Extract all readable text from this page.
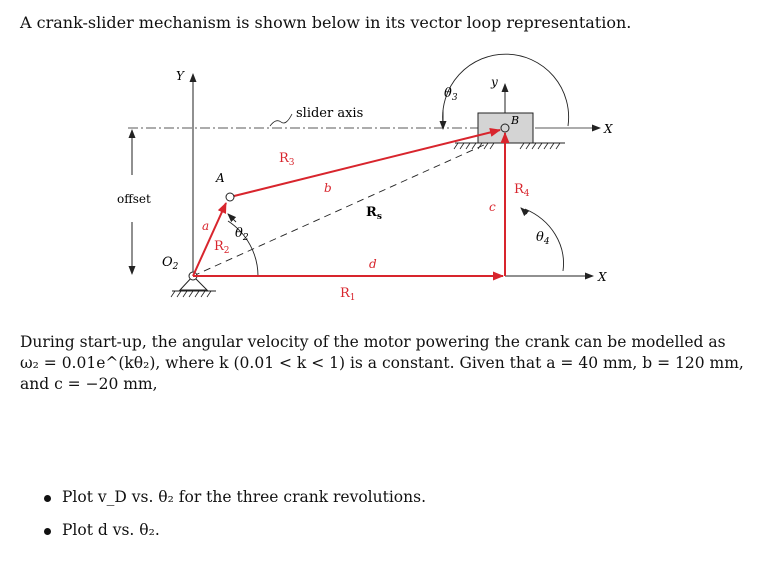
A crank-slider mechanism is shown below in its vector loop representation.
Y
X
slider axis
offset
X
y
$O_2$
B
$\theta_3$
$\theta_4$
$\theta_2$
A
a
$R_2$
$R_3$
b
$R_s$
c
$R_4$
d
$R_1$
During start-up, the angular velocity of the motor powering the crank can be modelled as
ω₂ = 0.01e^(kθ₂), where k (0.01 < k < 1) is a constant. Given that a = 40 mm, b = 120 mm,
and c = −20 mm,
Plot v_D vs. θ₂ for the three crank revolutions.
Plot d vs. θ₂.
